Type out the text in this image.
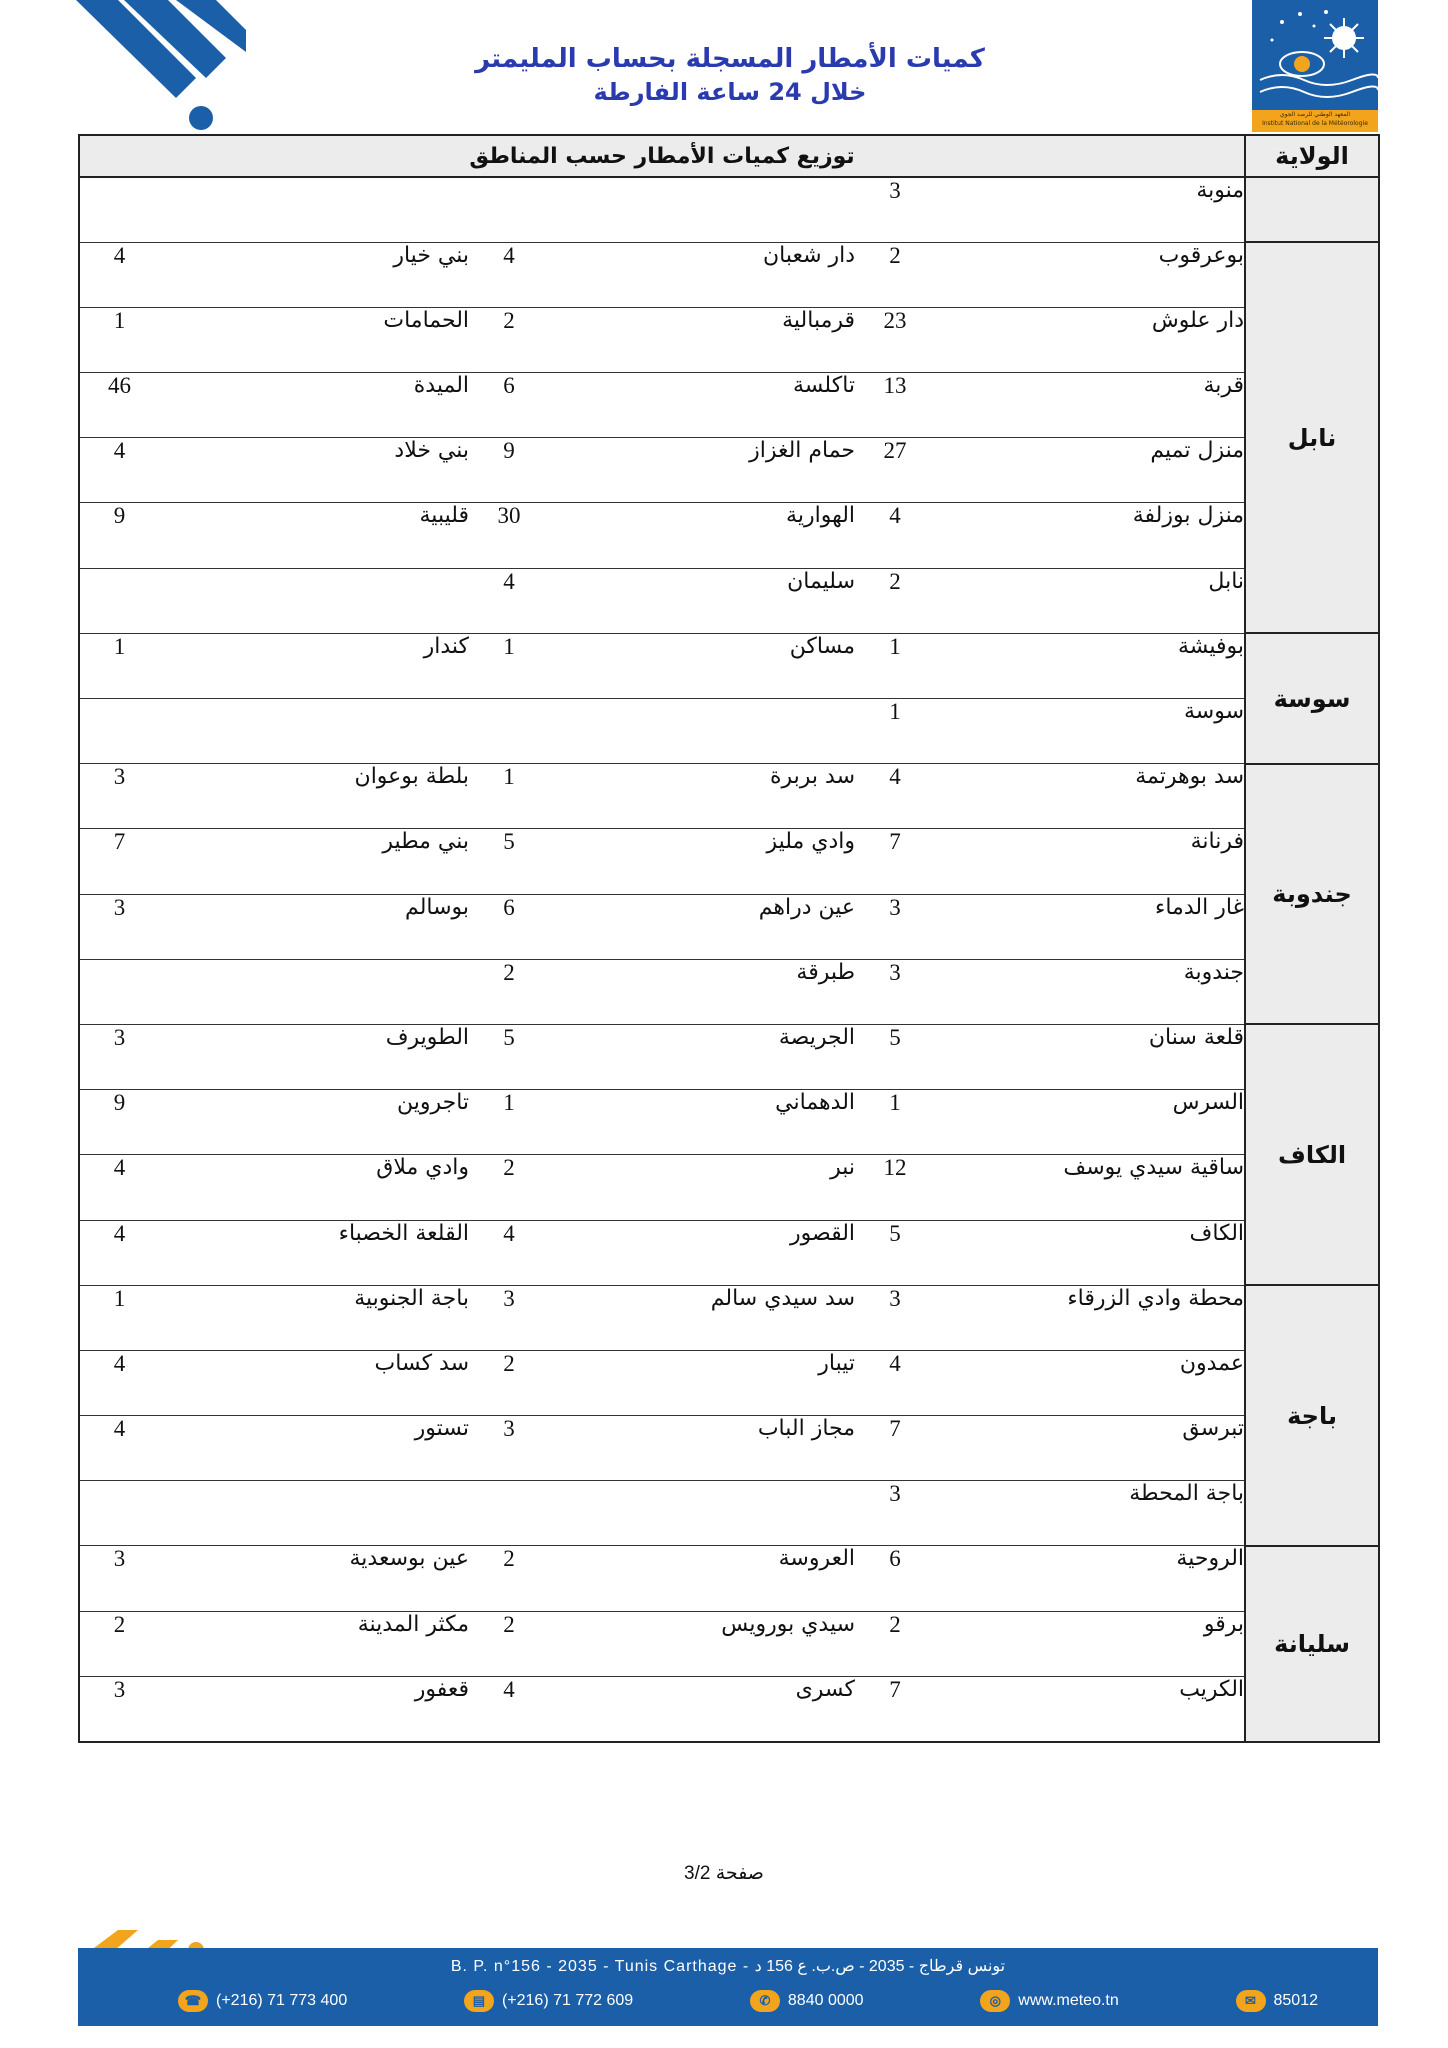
المعهد الوطني للرصد الجوي
Institut National de la Météorologie
كميات الأمطار المسجلة بحساب المليمتر
خلال 24 ساعة الفارطة
الولاية	توزيع كميات الأمطار حسب المناطق					
	منوبة	3				
نابل	بوعرقوب	2	دار شعبان	4	بني خيار	4
	دار علوش	23	قرمبالية	2	الحمامات	1
	قربة	13	تاكلسة	6	الميدة	46
	منزل تميم	27	حمام الغزاز	9	بني خلاد	4
	منزل بوزلفة	4	الهوارية	30	قليبية	9
	نابل	2	سليمان	4		
سوسة	بوفيشة	1	مساكن	1	كندار	1
	سوسة	1				
جندوبة	سد بوهرتمة	4	سد بربرة	1	بلطة بوعوان	3
	فرنانة	7	وادي مليز	5	بني مطير	7
	غار الدماء	3	عين دراهم	6	بوسالم	3
	جندوبة	3	طبرقة	2		
الكاف	قلعة سنان	5	الجريصة	5	الطويرف	3
	السرس	1	الدهماني	1	تاجروين	9
	ساقية سيدي يوسف	12	نبر	2	وادي ملاق	4
	الكاف	5	القصور	4	القلعة الخصباء	4
باجة	محطة وادي الزرقاء	3	سد سيدي سالم	3	باجة الجنوبية	1
	عمدون	4	تيبار	2	سد كساب	4
	تبرسق	7	مجاز الباب	3	تستور	4
	باجة المحطة	3				
سليانة	الروحية	6	العروسة	2	عين بوسعدية	3
	برقو	2	سيدي بورويس	2	مكثر المدينة	2
	الكريب	7	كسرى	4	قعفور	3
صفحة 3/2
B. P. n°156 - 2035 - Tunis Carthage - تونس قرطاج - 2035 - ص.ب. ع 156 د
☎ (+216) 71 773 400	▤	(+216) 71 772 609	✆	8840 0000	◎	www.meteo.tn	✉	85012
